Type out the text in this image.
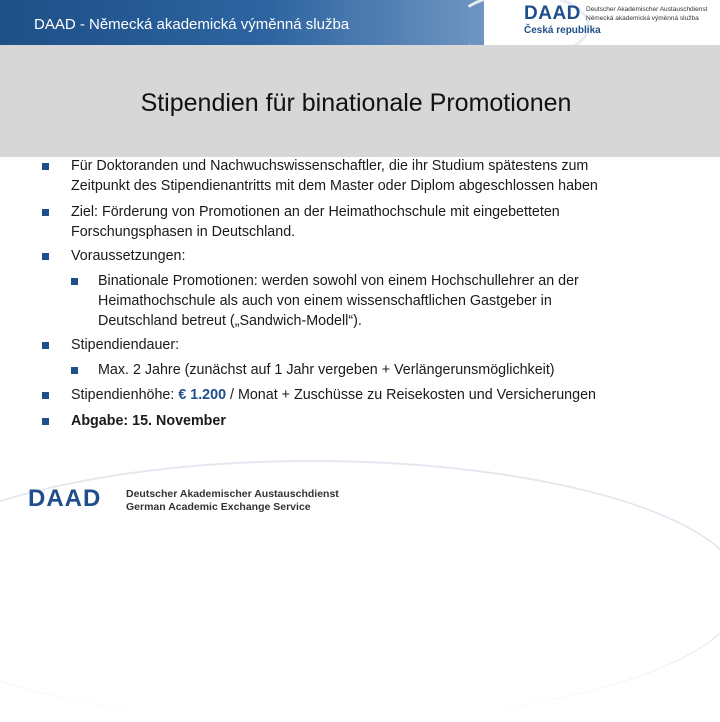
DAAD - Německá akademická výměnná služba
DAAD Deutscher Akademischer Austauschdienst
Německá akademická výměnná služba
Česká republika
Stipendien für binationale Promotionen
Für Doktoranden und Nachwuchswissenschaftler, die ihr Studium spätestens zum
Zeitpunkt des Stipendienantritts mit dem Master oder Diplom abgeschlossen haben
Ziel: Förderung von Promotionen an der Heimathochschule mit eingebetteten
Forschungsphasen in Deutschland.
Voraussetzungen:
Binationale Promotionen: werden sowohl von einem Hochschullehrer an der
Heimathochschule als auch von einem wissenschaftlichen Gastgeber in
Deutschland betreut („Sandwich-Modell“).
Stipendiendauer:
Max. 2 Jahre (zunächst auf 1 Jahr vergeben + Verlängerunsmöglichkeit)
Stipendienhöhe: € 1.200 / Monat + Zuschüsse zu Reisekosten und Versicherungen
Abgabe: 15. November
DAAD Deutscher Akademischer Austauschdienst
German Academic Exchange Service
